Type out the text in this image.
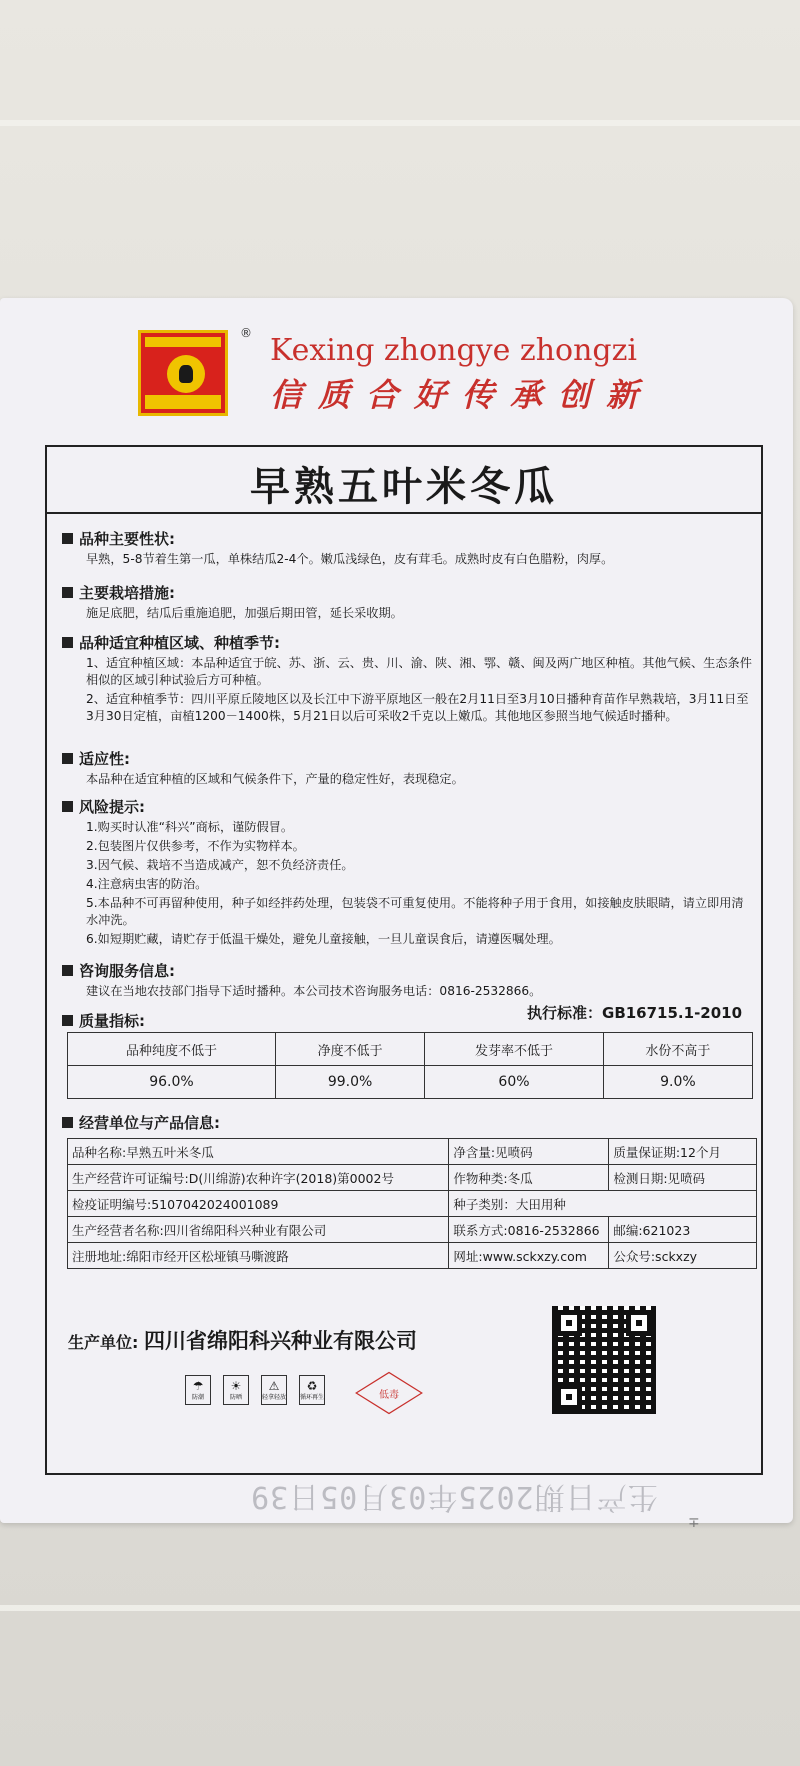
® Kexing zhongye zhongzi
信质合好传承创新
早熟五叶米冬瓜
品种主要性状:
早熟，5-8节着生第一瓜，单株结瓜2-4个。嫩瓜浅绿色，皮有茸毛。成熟时皮有白色腊粉，肉厚。
主要栽培措施:
施足底肥，结瓜后重施追肥，加强后期田管，延长采收期。
品种适宜种植区域、种植季节:
1、适宜种植区域：本品种适宜于皖、苏、浙、云、贵、川、渝、陕、湘、鄂、赣、闽及两广地区种植。其他气候、生态条件相似的区域引种试验后方可种植。
2、适宜种植季节：四川平原丘陵地区以及长江中下游平原地区一般在2月11日至3月10日播种育苗作早熟栽培，3月11日至3月30日定植，亩植1200－1400株，5月21日以后可采收2千克以上嫩瓜。其他地区参照当地气候适时播种。
适应性:
本品种在适宜种植的区域和气候条件下，产量的稳定性好，表现稳定。
风险提示:
1.购买时认准“科兴”商标，谨防假冒。
2.包装图片仅供参考，不作为实物样本。
3.因气候、栽培不当造成减产，恕不负经济责任。
4.注意病虫害的防治。
5.本品种不可再留种使用，种子如经拌药处理，包装袋不可重复使用。不能将种子用于食用，如接触皮肤眼睛，请立即用清水冲洗。
6.如短期贮藏，请贮存于低温干燥处，避免儿童接触，一旦儿童误食后，请遵医嘱处理。
咨询服务信息:
建议在当地农技部门指导下适时播种。本公司技术咨询服务电话：0816-2532866。
质量指标:	执行标准：GB16715.1-2010
品种纯度不低于	净度不低于	发芽率不低于	水份不高于
96.0%	99.0%	60%	9.0%
经营单位与产品信息:
品种名称:早熟五叶米冬瓜	净含量:见喷码	质量保证期:12个月
生产经营许可证编号:D(川绵游)农种许字(2018)第0002号	作物种类:冬瓜	检测日期:见喷码
检疫证明编号:5107042024001089	种子类别：大田用种	
生产经营者名称:四川省绵阳科兴种业有限公司	联系方式:0816-2532866	邮编:621023
注册地址:绵阳市经开区松垭镇马嘶渡路	网址:www.sckxzy.com	公众号:sckxzy
生产单位: 四川省绵阳科兴种业有限公司
☂
防潮
☀
防晒
⚠
轻拿轻放
♻
循环再生	低毒
生产日期2025年03月05日39
∓
